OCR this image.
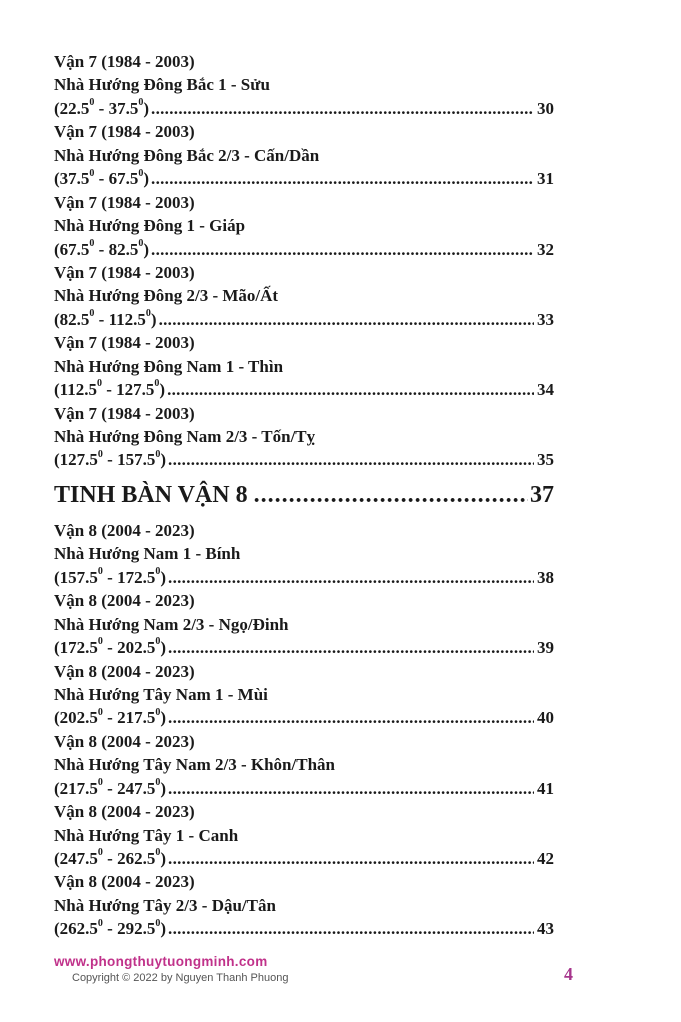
Vận 7 (1984 - 2003)
Nhà Hướng Đông Bắc 1 - Sửu
(22.5$^0$ - 37.5$^0$) .....	30
Vận 7 (1984 - 2003)
Nhà Hướng Đông Bắc 2/3 - Cấn/Dần
(37.5$^0$ - 67.5$^0$) .....	31
Vận 7 (1984 - 2003)
Nhà Hướng Đông 1 - Giáp
(67.5$^0$ - 82.5$^0$) .....	32
Vận 7 (1984 - 2003)
Nhà Hướng Đông 2/3 - Mão/Ất
(82.5$^0$ - 112.5$^0$) .....	33
Vận 7 (1984 - 2003)
Nhà Hướng Đông Nam 1 - Thìn
(112.5$^0$ - 127.5$^0$) .....	34
Vận 7 (1984 - 2003)
Nhà Hướng Đông Nam 2/3 - Tốn/Tỵ
(127.5$^0$ - 157.5$^0$) .....	35
TINH BÀN VẬN 8 .....	37
Vận 8 (2004 - 2023)
Nhà Hướng Nam 1 - Bính
(157.5$^0$ - 172.5$^0$) .....	38
Vận 8 (2004 - 2023)
Nhà Hướng Nam 2/3 - Ngọ/Đinh
(172.5$^0$ - 202.5$^0$) .....	39
Vận 8 (2004 - 2023)
Nhà Hướng Tây Nam 1 - Mùi
(202.5$^0$ - 217.5$^0$) .....	40
Vận 8 (2004 - 2023)
Nhà Hướng Tây Nam 2/3 - Khôn/Thân
(217.5$^0$ - 247.5$^0$) .....	41
Vận 8 (2004 - 2023)
Nhà Hướng Tây 1 - Canh
(247.5$^0$ - 262.5$^0$) .....	42
Vận 8 (2004 - 2023)
Nhà Hướng Tây 2/3 - Dậu/Tân
(262.5$^0$ - 292.5$^0$) .....	43
www.phongthuytuongminh.com
Copyright © 2022 by Nguyen Thanh Phuong	4
